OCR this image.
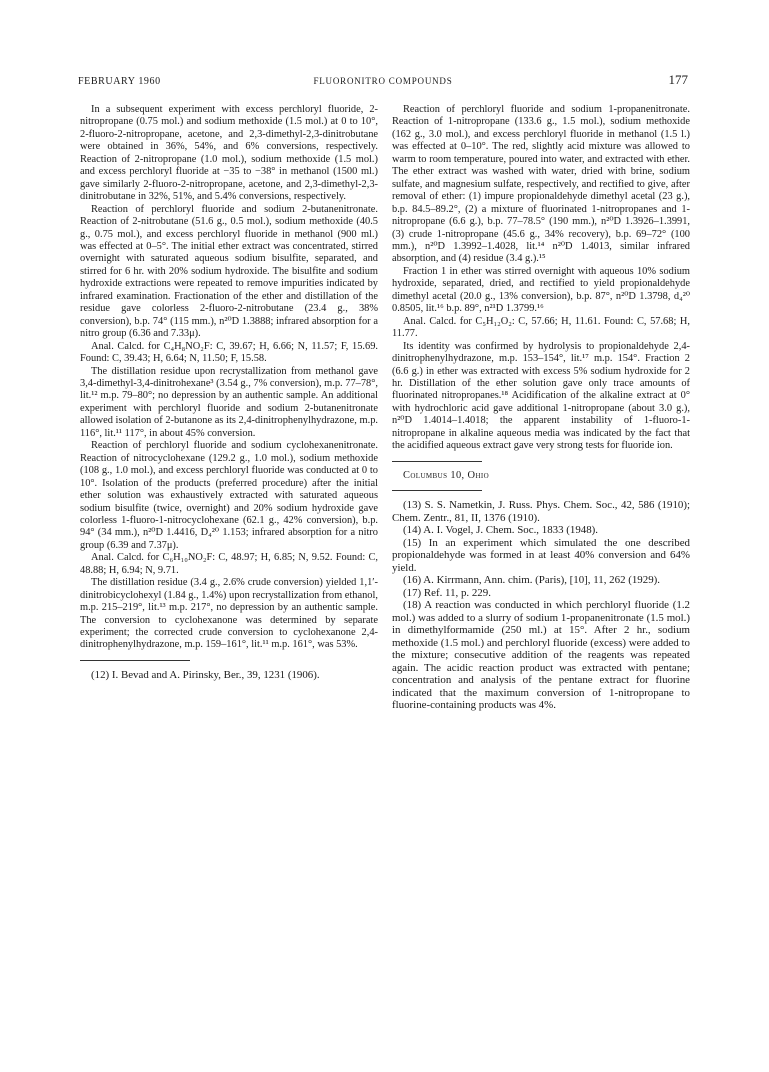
FEBRUARY 1960	FLUORONITRO COMPOUNDS	177

In a subsequent experiment with excess perchloryl fluoride, 2-nitropropane (0.75 mol.) and sodium methoxide (1.5 mol.) at 0 to 10°, 2-fluoro-2-nitropropane, acetone, and 2,3-dimethyl-2,3-dinitrobutane were obtained in 36%, 54%, and 6% conversions, respectively. Reaction of 2-nitropropane (1.0 mol.), sodium methoxide (1.5 mol.) and excess perchloryl fluoride at −35 to −38° in methanol (1500 ml.) gave similarly 2-fluoro-2-nitropropane, acetone, and 2,3-dimethyl-2,3-dinitrobutane in 32%, 51%, and 5.4% conversions, respectively.

Reaction of perchloryl fluoride and sodium 2-butanenitronate. Reaction of 2-nitrobutane (51.6 g., 0.5 mol.), sodium methoxide (40.5 g., 0.75 mol.), and excess perchloryl fluoride in methanol (900 ml.) was effected at 0–5°. The initial ether extract was concentrated, stirred overnight with saturated aqueous sodium bisulfite, separated, and stirred for 6 hr. with 20% sodium hydroxide. The bisulfite and sodium hydroxide extractions were repeated to remove impurities indicated by infrared examination. Fractionation of the ether and distillation of the residue gave colorless 2-fluoro-2-nitrobutane (23.4 g., 38% conversion), b.p. 74° (115 mm.), n²⁰D 1.3888; infrared absorption for a nitro group (6.36 and 7.33μ).

Anal. Calcd. for C₄H₈NO₂F: C, 39.67; H, 6.66; N, 11.57; F, 15.69. Found: C, 39.43; H, 6.64; N, 11.50; F, 15.58.

The distillation residue upon recrystallization from methanol gave 3,4-dimethyl-3,4-dinitrohexane³ (3.54 g., 7% conversion), m.p. 77–78°, lit.¹² m.p. 79–80°; no depression by an authentic sample. An additional experiment with perchloryl fluoride and sodium 2-butanenitronate allowed isolation of 2-butanone as its 2,4-dinitrophenylhydrazone, m.p. 116°, lit.¹¹ 117°, in about 45% conversion.

Reaction of perchloryl fluoride and sodium cyclohexanenitronate. Reaction of nitrocyclohexane (129.2 g., 1.0 mol.), sodium methoxide (108 g., 1.0 mol.), and excess perchloryl fluoride was conducted at 0 to 10°. Isolation of the products (preferred procedure) after the initial ether solution was exhaustively extracted with saturated aqueous sodium bisulfite (twice, overnight) and 20% sodium hydroxide gave colorless 1-fluoro-1-nitrocyclohexane (62.1 g., 42% conversion), b.p. 94° (34 mm.), n²⁰D 1.4416, D₄²⁰ 1.153; infrared absorption for a nitro group (6.39 and 7.37μ).

Anal. Calcd. for C₆H₁₀NO₂F: C, 48.97; H, 6.85; N, 9.52. Found: C, 48.88; H, 6.94; N, 9.71.

The distillation residue (3.4 g., 2.6% crude conversion) yielded 1,1′-dinitrobicyclohexyl (1.84 g., 1.4%) upon recrystallization from ethanol, m.p. 215–219°, lit.¹³ m.p. 217°, no depression by an authentic sample. The conversion to cyclohexanone was determined by separate experiment; the corrected crude conversion to cyclohexanone 2,4-dinitrophenylhydrazone, m.p. 159–161°, lit.¹¹ m.p. 161°, was 53%.

(12) I. Bevad and A. Pirinsky, Ber., 39, 1231 (1906).

Reaction of perchloryl fluoride and sodium 1-propanenitronate. Reaction of 1-nitropropane (133.6 g., 1.5 mol.), sodium methoxide (162 g., 3.0 mol.), and excess perchloryl fluoride in methanol (1.5 l.) was effected at 0–10°. The red, slightly acid mixture was allowed to warm to room temperature, poured into water, and extracted with ether. The ether extract was washed with water, dried with brine, sodium sulfate, and magnesium sulfate, respectively, and rectified to give, after removal of ether: (1) impure propionaldehyde dimethyl acetal (23 g.), b.p. 84.5–89.2°, (2) a mixture of fluorinated 1-nitropropanes and 1-nitropropane (6.6 g.), b.p. 77–78.5° (190 mm.), n²⁰D 1.3926–1.3991, (3) crude 1-nitropropane (45.6 g., 34% recovery), b.p. 69–72° (100 mm.), n²⁰D 1.3992–1.4028, lit.¹⁴ n²⁰D 1.4013, similar infrared absorption, and (4) residue (3.4 g.).¹⁵

Fraction 1 in ether was stirred overnight with aqueous 10% sodium hydroxide, separated, dried, and rectified to yield propionaldehyde dimethyl acetal (20.0 g., 13% conversion), b.p. 87°, n²⁰D 1.3798, d₄²⁰ 0.8505, lit.¹⁶ b.p. 89°, n²¹D 1.3799.¹⁶

Anal. Calcd. for C₅H₁₂O₂: C, 57.66; H, 11.61. Found: C, 57.68; H, 11.77.

Its identity was confirmed by hydrolysis to propionaldehyde 2,4-dinitrophenylhydrazone, m.p. 153–154°, lit.¹⁷ m.p. 154°. Fraction 2 (6.6 g.) in ether was extracted with excess 5% sodium hydroxide for 2 hr. Distillation of the ether solution gave only trace amounts of fluorinated nitropropanes.¹⁸ Acidification of the alkaline extract at 0° with hydrochloric acid gave additional 1-nitropropane (about 3.0 g.), n²⁰D 1.4014–1.4018; the apparent instability of 1-fluoro-1-nitropropane in alkaline aqueous media was indicated by the fact that the acidified aqueous extract gave very strong tests for fluoride ion.

Columbus 10, Ohio

(13) S. S. Nametkin, J. Russ. Phys. Chem. Soc., 42, 586 (1910); Chem. Zentr., 81, II, 1376 (1910).

(14) A. I. Vogel, J. Chem. Soc., 1833 (1948).

(15) In an experiment which simulated the one described propionaldehyde was formed in at least 40% conversion and 64% yield.

(16) A. Kirrmann, Ann. chim. (Paris), [10], 11, 262 (1929).

(17) Ref. 11, p. 229.

(18) A reaction was conducted in which perchloryl fluoride (1.2 mol.) was added to a slurry of sodium 1-propanenitronate (1.5 mol.) in dimethylformamide (250 ml.) at 15°. After 2 hr., sodium methoxide (1.5 mol.) and perchloryl fluoride (excess) were added to the mixture; consecutive addition of the reagents was repeated again. The acidic reaction product was extracted with pentane; concentration and analysis of the pentane extract for fluorine indicated that the maximum conversion of 1-nitropropane to fluorine-containing products was 4%.
